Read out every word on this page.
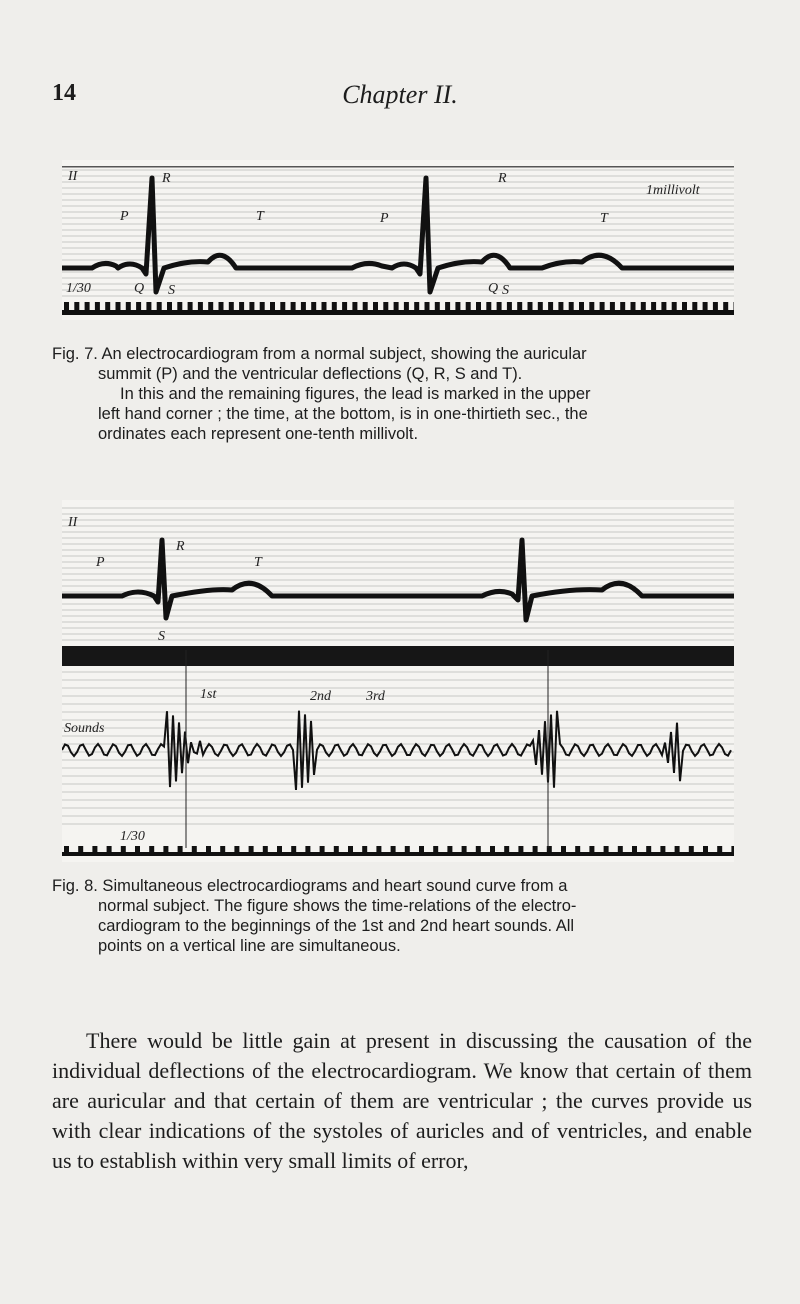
14	Chapter II.
II
P
R
T
Q S
1/30
P
R
T
Q S
1millivolt

Fig. 7. An electrocardiogram from a normal subject, showing the auricular

summit (P) and the ventricular deflections (Q, R, S and T).

In this and the remaining figures, the lead is marked in the upper

left hand corner ; the time, at the bottom, is in one-thirtieth sec., the

ordinates each represent one-tenth millivolt.

II
P
R
T
S
Sounds
1st	2nd	3rd
1/30

Fig. 8. Simultaneous electrocardiograms and heart sound curve from a

normal subject. The figure shows the time-relations of the electro-

cardiogram to the beginnings of the 1st and 2nd heart sounds. All

points on a vertical line are simultaneous.

There would be little gain at present in discussing the causation of the individual deflections of the electrocardiogram. We know that certain of them are auricular and that certain of them are ventricular ; the curves provide us with clear indications of the systoles of auricles and of ventricles, and enable us to establish within very small limits of error,
